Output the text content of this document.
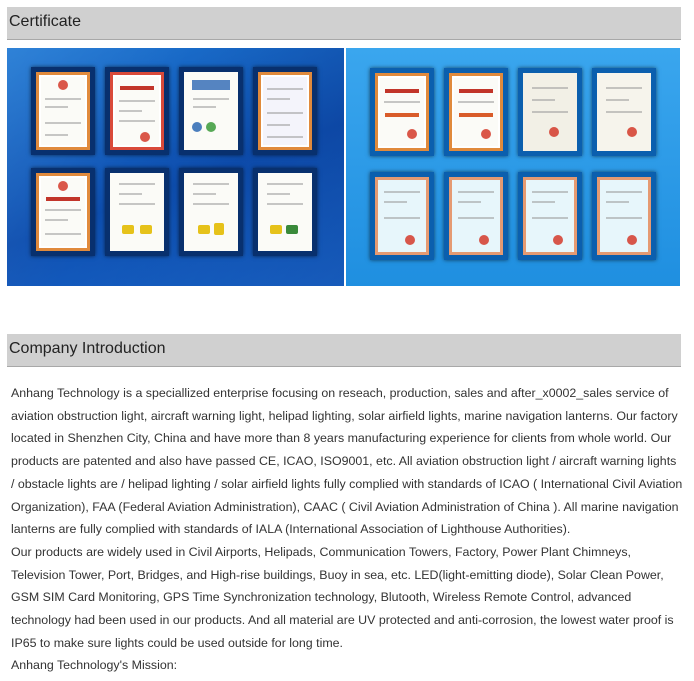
Certificate
Company Introduction

Anhang Technology is a speciallized enterprise focusing on reseach, production, sales and after_x0002_sales service of aviation obstruction light, aircraft warning light, helipad lighting, solar airfield lights, marine navigation lanterns. Our factory located in Shenzhen City, China and have more than 8 years manufacturing experience for clients from whole world. Our products are patented and also have passed CE, ICAO, ISO9001, etc. All aviation obstruction light / aircraft warning lights / obstacle lights are / helipad lighting / solar airfield lights fully complied with standards of ICAO ( International Civil Aviation Organization), FAA (Federal Aviation Administration), CAAC ( Civil Aviation Administration of China ). All marine navigation lanterns are fully complied with standards of IALA (International Association of Lighthouse Authorities).

Our products are widely used in Civil Airports, Helipads, Communication Towers, Factory, Power Plant Chimneys, Television Tower, Port, Bridges, and High-rise buildings, Buoy in sea, etc. LED(light-emitting diode), Solar Clean Power, GSM SIM Card Monitoring, GPS Time Synchronization technology, Blutooth, Wireless Remote Control, advanced technology had been used in our products. And all material are UV protected and anti-corrosion, the lowest water proof is IP65 to make sure lights could be used outside for long time.

Anhang Technology's Mission:
